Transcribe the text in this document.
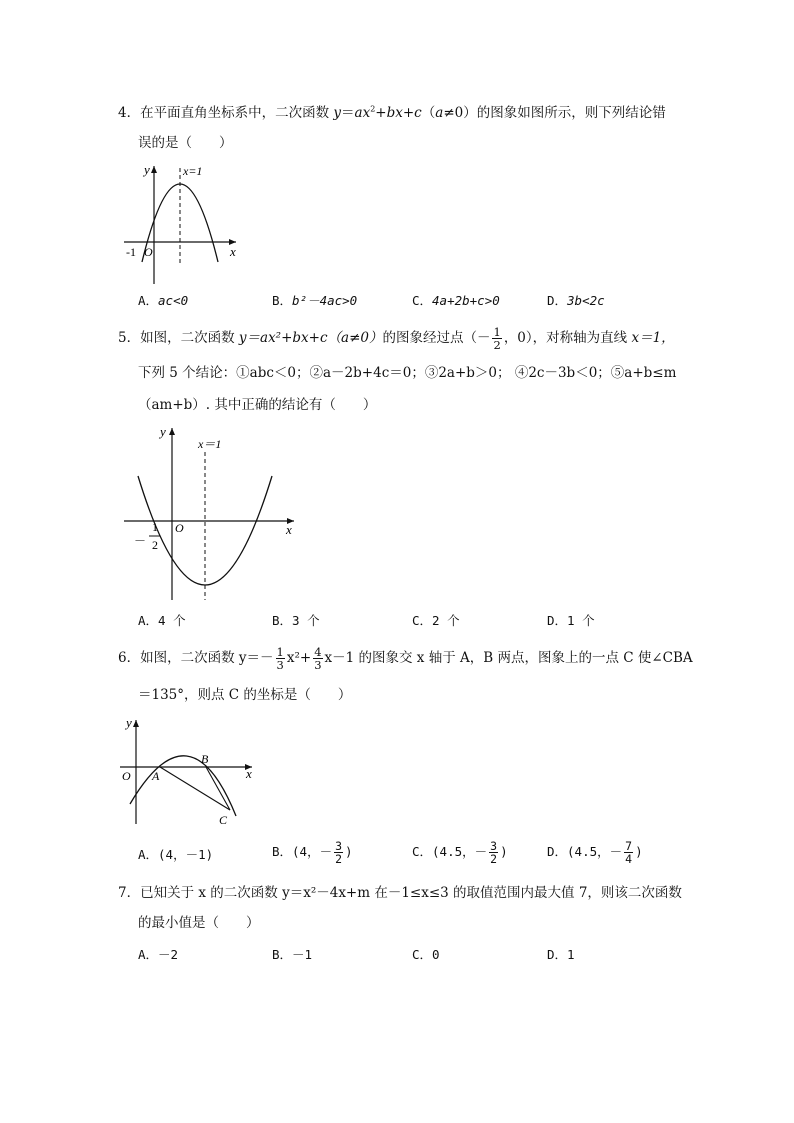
4．在平面直角坐标系中，二次函数 $y=ax^2+bx+c(a\ne 0)$的图象如图所示，则下列结论错
误的是（　　）
y	x=1
-1 O	x
A．ac<0	B．b²－4ac>0	C．4a+2b+c>0	D．3b<2c
5．如图，二次函数 y＝ax²+bx+c（a≠0）的图象经过点（－ $\frac{1}{2}$ ，0），对称轴为直线 x＝1，
下列 5 个结论：①abc＜0；②a－2b+4c＝0；③2a+b＞0； ④2c－3b＜0；⑤a+b≤m
（am+b）. 其中正确的结论有（　　）
y
x＝1
O	x
－
1
2
A．4 个	B．3 个	C．2 个	D．1 个
6．如图，二次函数 $y=- \frac{1}{3} x^2+ \frac{4}{3} x-1$ 的图象交 x 轴于 A，B 两点，图象上的一点 C 使∠CBA
＝135°，则点 C 的坐标是（　　）
y
O A
B
C
x
A．(4，－1)	B．(4，－ $\frac{3}{2}$ )	C．(4.5，－ $\frac{3}{2}$ )	D．(4.5，－ $\frac{7}{4}$ )
7．已知关于 x 的二次函数 y＝x²－4x+m 在－1≤x≤3 的取值范围内最大值 7，则该二次函数
的最小值是（　　）
A．－2	B．－1	C．0	D．1
